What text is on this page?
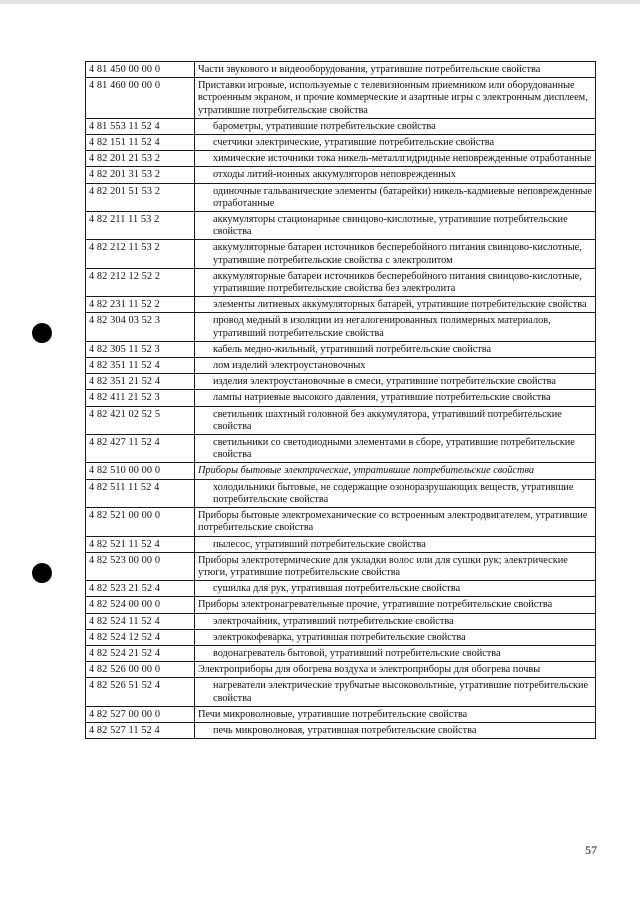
4 81 450 00 00 0	Части звукового и видеооборудования, утратившие потребительские свойства
4 81 460 00 00 0	Приставки игровые, используемые с телевизионным приемником или оборудованные встроенным экраном, и прочие коммерческие и азартные игры с электронным дисплеем, утратившие потребительские свойства
4 81 553 11 52 4	барометры, утратившие потребительские свойства
4 82 151 11 52 4	счетчики электрические, утратившие потребительские свойства
4 82 201 21 53 2	химические источники тока никель-металлгидридные неповрежденные отработанные
4 82 201 31 53 2	отходы литий-ионных аккумуляторов неповрежденных
4 82 201 51 53 2	одиночные гальванические элементы (батарейки) никель-кадмиевые неповрежденные отработанные
4 82 211 11 53 2	аккумуляторы стационарные свинцово-кислотные, утратившие потребительские свойства
4 82 212 11 53 2	аккумуляторные батареи источников бесперебойного питания свинцово-кислотные, утратившие потребительские свойства с электролитом
4 82 212 12 52 2	аккумуляторные батареи источников бесперебойного питания свинцово-кислотные, утратившие потребительские свойства без электролита
4 82 231 11 52 2	элементы литиевых аккумуляторных батарей, утратившие потребительские свойства
4 82 304 03 52 3	провод медный в изоляции из негалогенированных полимерных материалов, утративший потребительские свойства
4 82 305 11 52 3	кабель медно-жильный, утративший потребительские свойства
4 82 351 11 52 4	лом изделий электроустановочных
4 82 351 21 52 4	изделия электроустановочные в смеси, утратившие потребительские свойства
4 82 411 21 52 3	лампы натриевые высокого давления, утратившие потребительские свойства
4 82 421 02 52 5	светильник шахтный головной без аккумулятора, утративший потребительские свойства
4 82 427 11 52 4	светильники со светодиодными элементами в сборе, утратившие потребительские свойства
4 82 510 00 00 0	Приборы бытовые электрические, утратившие потребительские свойства
4 82 511 11 52 4	холодильники бытовые, не содержащие озоноразрушающих веществ, утратившие потребительские свойства
4 82 521 00 00 0	Приборы бытовые электромеханические со встроенным электродвигателем, утратившие потребительские свойства
4 82 521 11 52 4	пылесос, утративший потребительские свойства
4 82 523 00 00 0	Приборы электротермические для укладки волос или для сушки рук; электрические утюги, утратившие потребительские свойства
4 82 523 21 52 4	сушилка для рук, утратившая потребительские свойства
4 82 524 00 00 0	Приборы электронагревательные прочие, утратившие потребительские свойства
4 82 524 11 52 4	электрочайник, утративший потребительские свойства
4 82 524 12 52 4	электрокофеварка, утратившая потребительские свойства
4 82 524 21 52 4	водонагреватель бытовой, утративший потребительские свойства
4 82 526 00 00 0	Электроприборы для обогрева воздуха и электроприборы для обогрева почвы
4 82 526 51 52 4	нагреватели электрические трубчатые высоковольтные, утратившие потребительские свойства
4 82 527 00 00 0	Печи микроволновые, утратившие потребительские свойства
4 82 527 11 52 4	печь микроволновая, утратившая потребительские свойства
57
